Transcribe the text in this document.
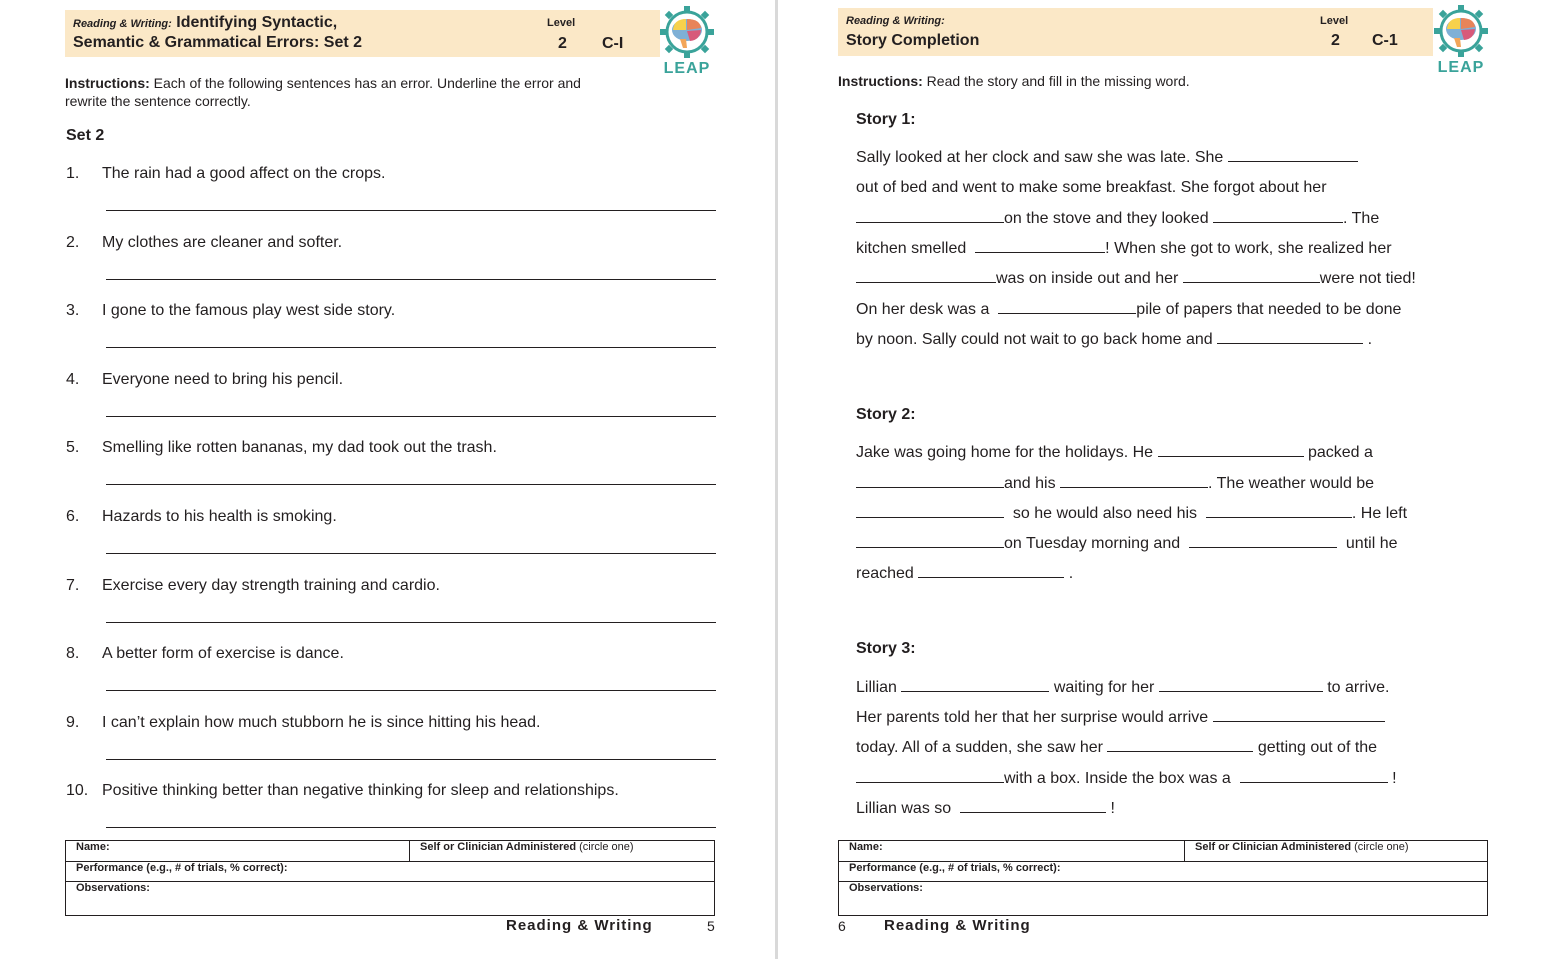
Reading & Writing: Identifying Syntactic,
Semantic & Grammatical Errors: Set 2
Level
2 C-I
LEAP
Instructions: Each of the following sentences has an error. Underline the error and
rewrite the sentence correctly.
Set 2
Name:	Self or Clinician Administered (circle one)
Performance (e.g., # of trials, % correct):
Observations:
Reading & Writing	5
1. The rain had a good affect on the crops.
2. My clothes are cleaner and softer.
3. I gone to the famous play west side story.
4. Everyone need to bring his pencil.
5. Smelling like rotten bananas, my dad took out the trash.
6. Hazards to his health is smoking.
7. Exercise every day strength training and cardio.
8. A better form of exercise is dance.
9. I can’t explain how much stubborn he is since hitting his head.
10. Positive thinking better than negative thinking for sleep and relationships.
Reading & Writing:
Story Completion
Level
2 C-1
LEAP
Instructions: Read the story and fill in the missing word.
Story 1:
Sally looked at her clock and saw she was late. She
out of bed and went to make some breakfast. She forgot about her
on the stove and they looked	. The
kitchen smelled	! When she got to work, she realized her
was on inside out and her	were not tied!
On her desk was a	pile of papers that needed to be done
by noon. Sally could not wait to go back home and	.
Story 2:
Jake was going home for the holidays. He	packed a
and his	. The weather would be
so he would also need his	. He left
on Tuesday morning and	until he
reached	.
Story 3:
Lillian	waiting for her	to arrive.
Her parents told her that her surprise would arrive
today. All of a sudden, she saw her	getting out of the
with a box. Inside the box was a	!
Lillian was so	!
Name:	Self or Clinician Administered (circle one)
Performance (e.g., # of trials, % correct):
Observations:
6	Reading & Writing
